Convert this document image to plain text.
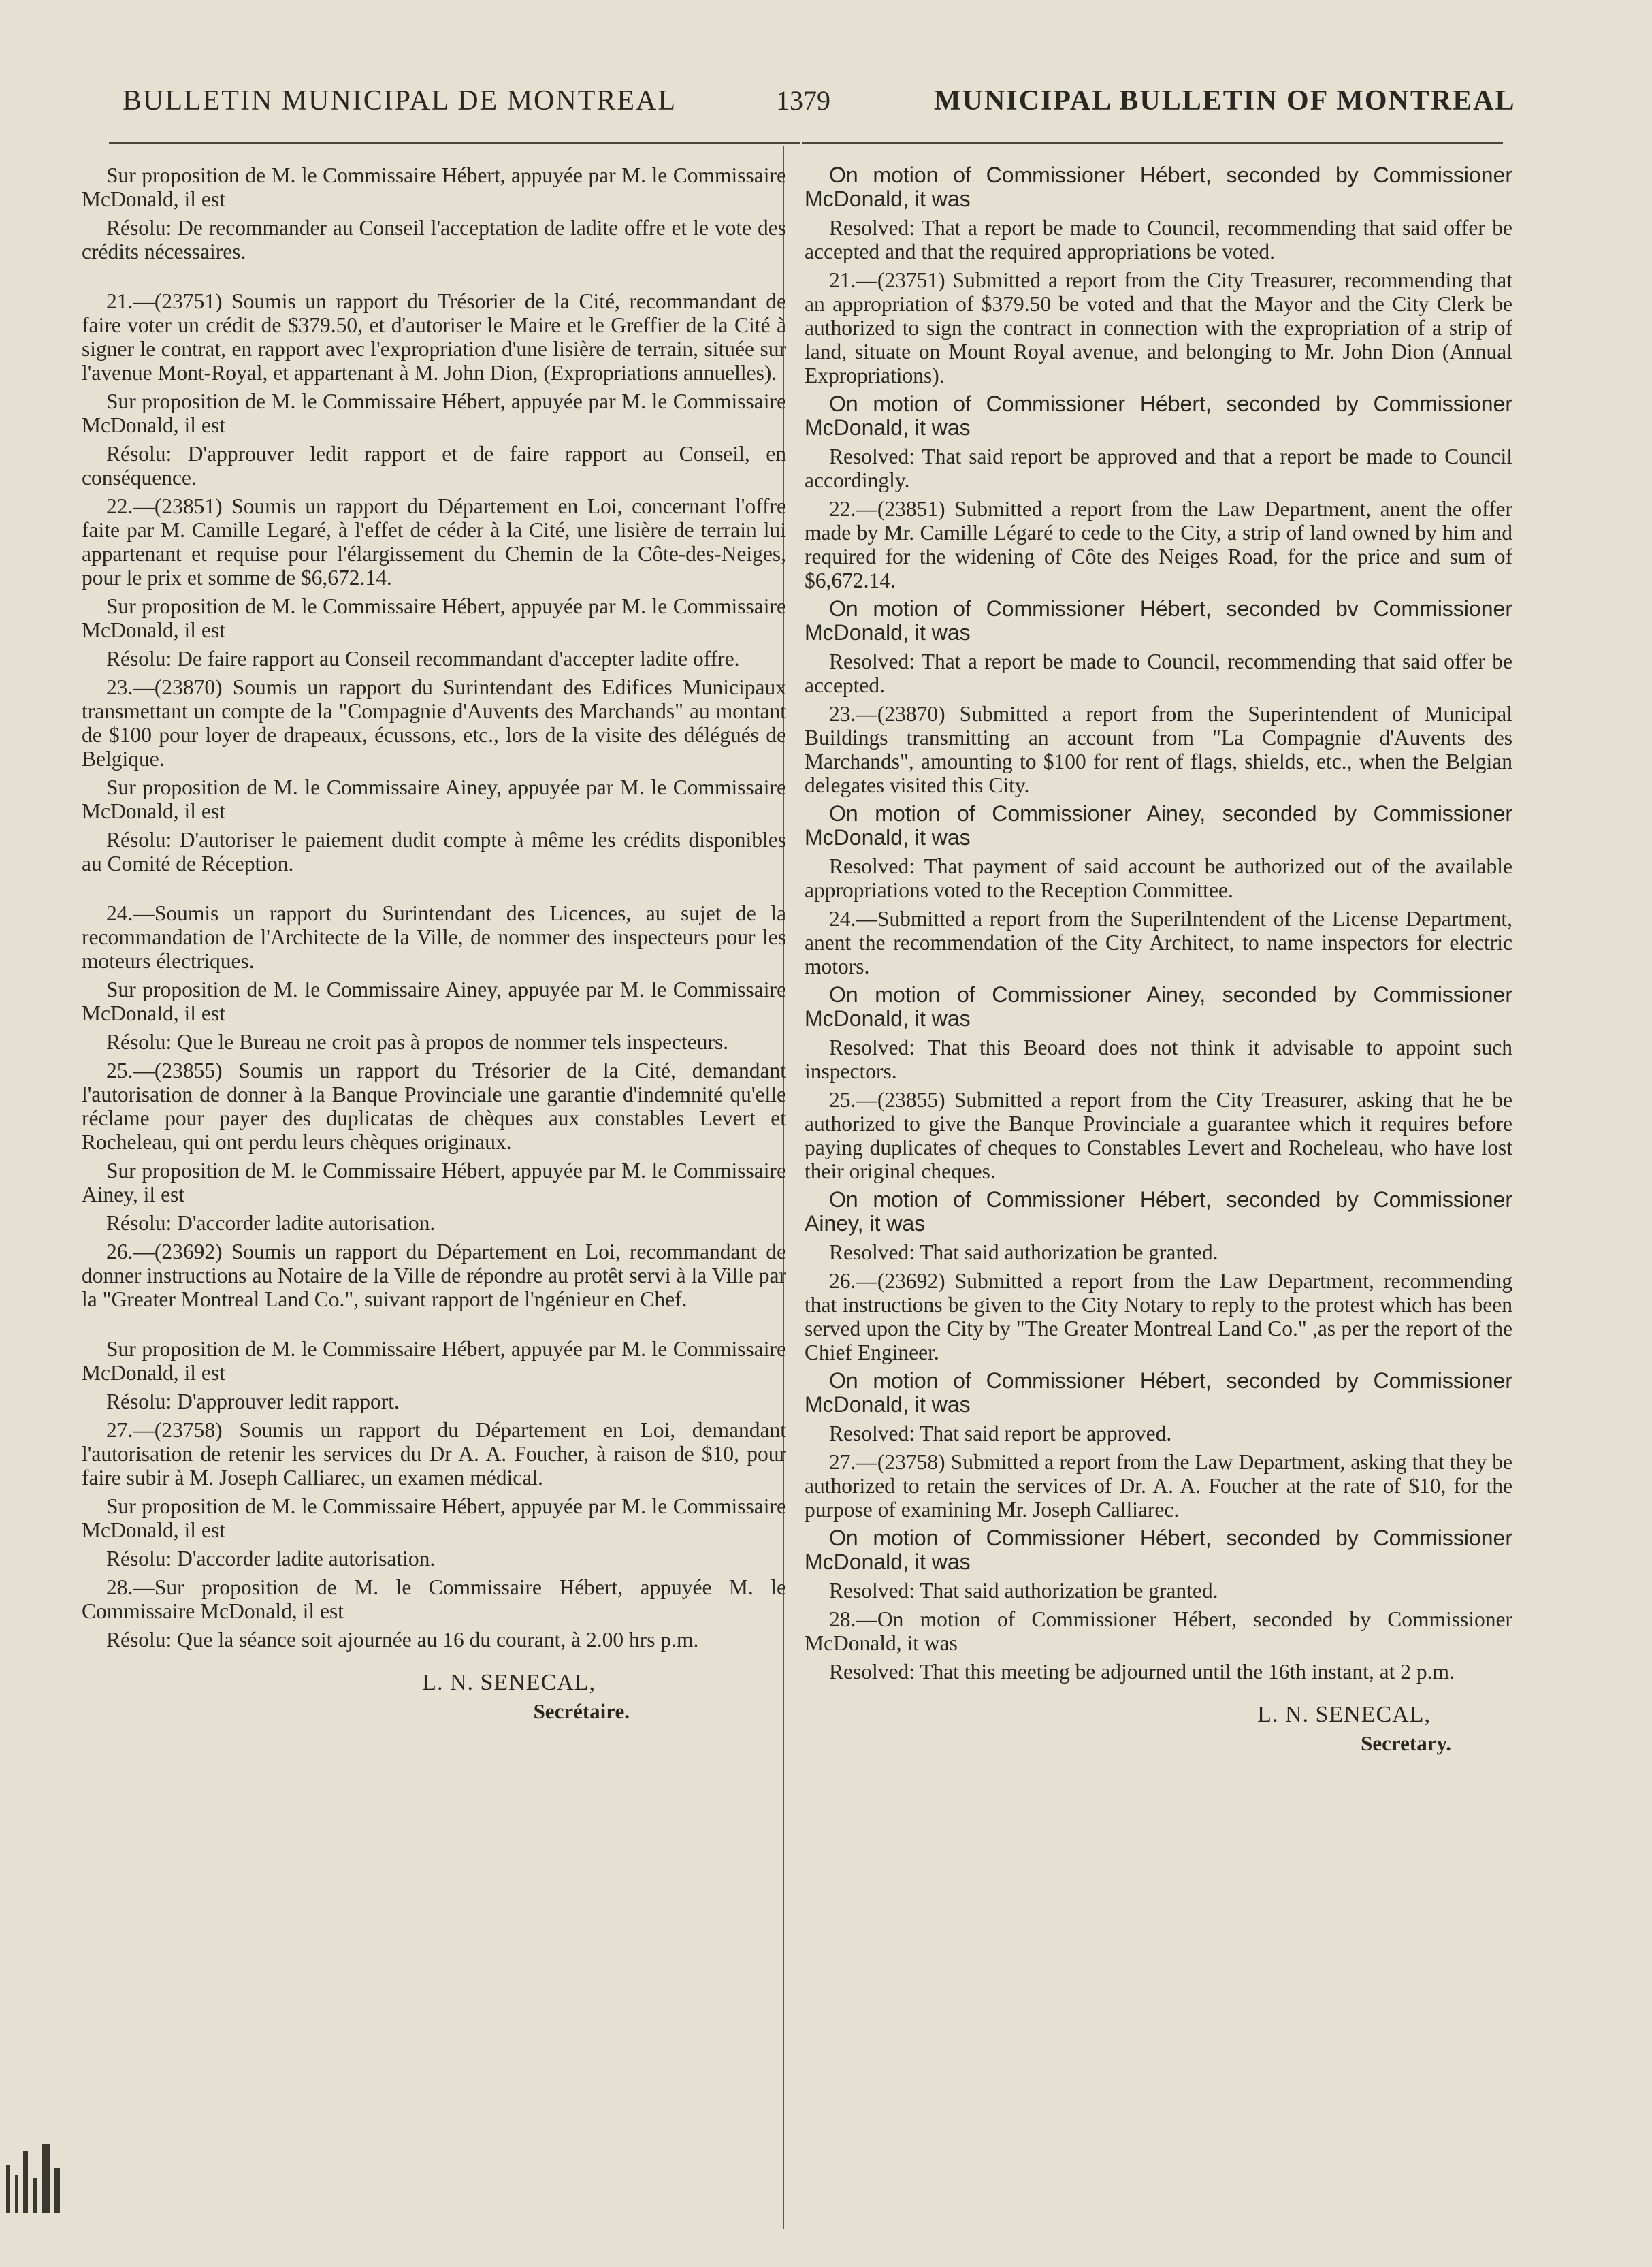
BULLETIN MUNICIPAL DE MONTREAL	1379	MUNICIPAL BULLETIN OF MONTREAL

Sur proposition de M. le Commissaire Hébert, appuyée par M. le Commissaire McDonald, il est

Résolu: De recommander au Conseil l'acceptation de ladite offre et le vote des crédits nécessaires.

21.—(23751) Soumis un rapport du Trésorier de la Cité, recommandant de faire voter un crédit de $379.50, et d'autoriser le Maire et le Greffier de la Cité à signer le contrat, en rapport avec l'expropriation d'une lisière de terrain, située sur l'avenue Mont-Royal, et appartenant à M. John Dion, (Expropriations annuelles).

Sur proposition de M. le Commissaire Hébert, appuyée par M. le Commissaire McDonald, il est

Résolu: D'approuver ledit rapport et de faire rapport au Conseil, en conséquence.

22.—(23851) Soumis un rapport du Département en Loi, concernant l'offre faite par M. Camille Legaré, à l'effet de céder à la Cité, une lisière de terrain lui appartenant et requise pour l'élargissement du Chemin de la Côte-des-Neiges, pour le prix et somme de $6,672.14.

Sur proposition de M. le Commissaire Hébert, appuyée par M. le Commissaire McDonald, il est

Résolu: De faire rapport au Conseil recommandant d'accepter ladite offre.

23.—(23870) Soumis un rapport du Surintendant des Edifices Municipaux transmettant un compte de la "Compagnie d'Auvents des Marchands" au montant de $100 pour loyer de drapeaux, écussons, etc., lors de la visite des délégués de Belgique.

Sur proposition de M. le Commissaire Ainey, appuyée par M. le Commissaire McDonald, il est

Résolu: D'autoriser le paiement dudit compte à même les crédits disponibles au Comité de Réception.

24.—Soumis un rapport du Surintendant des Licences, au sujet de la recommandation de l'Architecte de la Ville, de nommer des inspecteurs pour les moteurs électriques.

Sur proposition de M. le Commissaire Ainey, appuyée par M. le Commissaire McDonald, il est

Résolu: Que le Bureau ne croit pas à propos de nommer tels inspecteurs.

25.—(23855) Soumis un rapport du Trésorier de la Cité, demandant l'autorisation de donner à la Banque Provinciale une garantie d'indemnité qu'elle réclame pour payer des duplicatas de chèques aux constables Levert et Rocheleau, qui ont perdu leurs chèques originaux.

Sur proposition de M. le Commissaire Hébert, appuyée par M. le Commissaire Ainey, il est

Résolu: D'accorder ladite autorisation.

26.—(23692) Soumis un rapport du Département en Loi, recommandant de donner instructions au Notaire de la Ville de répondre au protêt servi à la Ville par la "Greater Montreal Land Co.", suivant rapport de l'ngénieur en Chef.

Sur proposition de M. le Commissaire Hébert, appuyée par M. le Commissaire McDonald, il est

Résolu: D'approuver ledit rapport.

27.—(23758) Soumis un rapport du Département en Loi, demandant l'autorisation de retenir les services du Dr A. A. Foucher, à raison de $10, pour faire subir à M. Joseph Calliarec, un examen médical.

Sur proposition de M. le Commissaire Hébert, appuyée par M. le Commissaire McDonald, il est

Résolu: D'accorder ladite autorisation.

28.—Sur proposition de M. le Commissaire Hébert, appuyée M. le Commissaire McDonald, il est

Résolu: Que la séance soit ajournée au 16 du courant, à 2.00 hrs p.m.

L. N. SENECAL,

Secrétaire.

On motion of Commissioner Hébert, seconded by Commissioner McDonald, it was

Resolved: That a report be made to Council, recommending that said offer be accepted and that the required appropriations be voted.

21.—(23751) Submitted a report from the City Treasurer, recommending that an appropriation of $379.50 be voted and that the Mayor and the City Clerk be authorized to sign the contract in connection with the expropriation of a strip of land, situate on Mount Royal avenue, and belonging to Mr. John Dion (Annual Expropriations).

On motion of Commissioner Hébert, seconded by Commissioner McDonald, it was

Resolved: That said report be approved and that a report be made to Council accordingly.

22.—(23851) Submitted a report from the Law Department, anent the offer made by Mr. Camille Légaré to cede to the City, a strip of land owned by him and required for the widening of Côte des Neiges Road, for the price and sum of $6,672.14.

On motion of Commissioner Hébert, seconded bv Commissioner McDonald, it was

Resolved: That a report be made to Council, recommending that said offer be accepted.

23.—(23870) Submitted a report from the Superintendent of Municipal Buildings transmitting an account from "La Compagnie d'Auvents des Marchands", amounting to $100 for rent of flags, shields, etc., when the Belgian delegates visited this City.

On motion of Commissioner Ainey, seconded by Commissioner McDonald, it was

Resolved: That payment of said account be authorized out of the available appropriations voted to the Reception Committee.

24.—Submitted a report from the Superilntendent of the License Department, anent the recommendation of the City Architect, to name inspectors for electric motors.

On motion of Commissioner Ainey, seconded by Commissioner McDonald, it was

Resolved: That this Beoard does not think it advisable to appoint such inspectors.

25.—(23855) Submitted a report from the City Treasurer, asking that he be authorized to give the Banque Provinciale a guarantee which it requires before paying duplicates of cheques to Constables Levert and Rocheleau, who have lost their original cheques.

On motion of Commissioner Hébert, seconded by Commissioner Ainey, it was

Resolved: That said authorization be granted.

26.—(23692) Submitted a report from the Law Department, recommending that instructions be given to the City Notary to reply to the protest which has been served upon the City by "The Greater Montreal Land Co." ,as per the report of the Chief Engineer.

On motion of Commissioner Hébert, seconded by Commissioner McDonald, it was

Resolved: That said report be approved.

27.—(23758) Submitted a report from the Law Department, asking that they be authorized to retain the services of Dr. A. A. Foucher at the rate of $10, for the purpose of examining Mr. Joseph Calliarec.

On motion of Commissioner Hébert, seconded by Commissioner McDonald, it was

Resolved: That said authorization be granted.

28.—On motion of Commissioner Hébert, seconded by Commissioner McDonald, it was

Resolved: That this meeting be adjourned until the 16th instant, at 2 p.m.

L. N. SENECAL,

Secretary.
